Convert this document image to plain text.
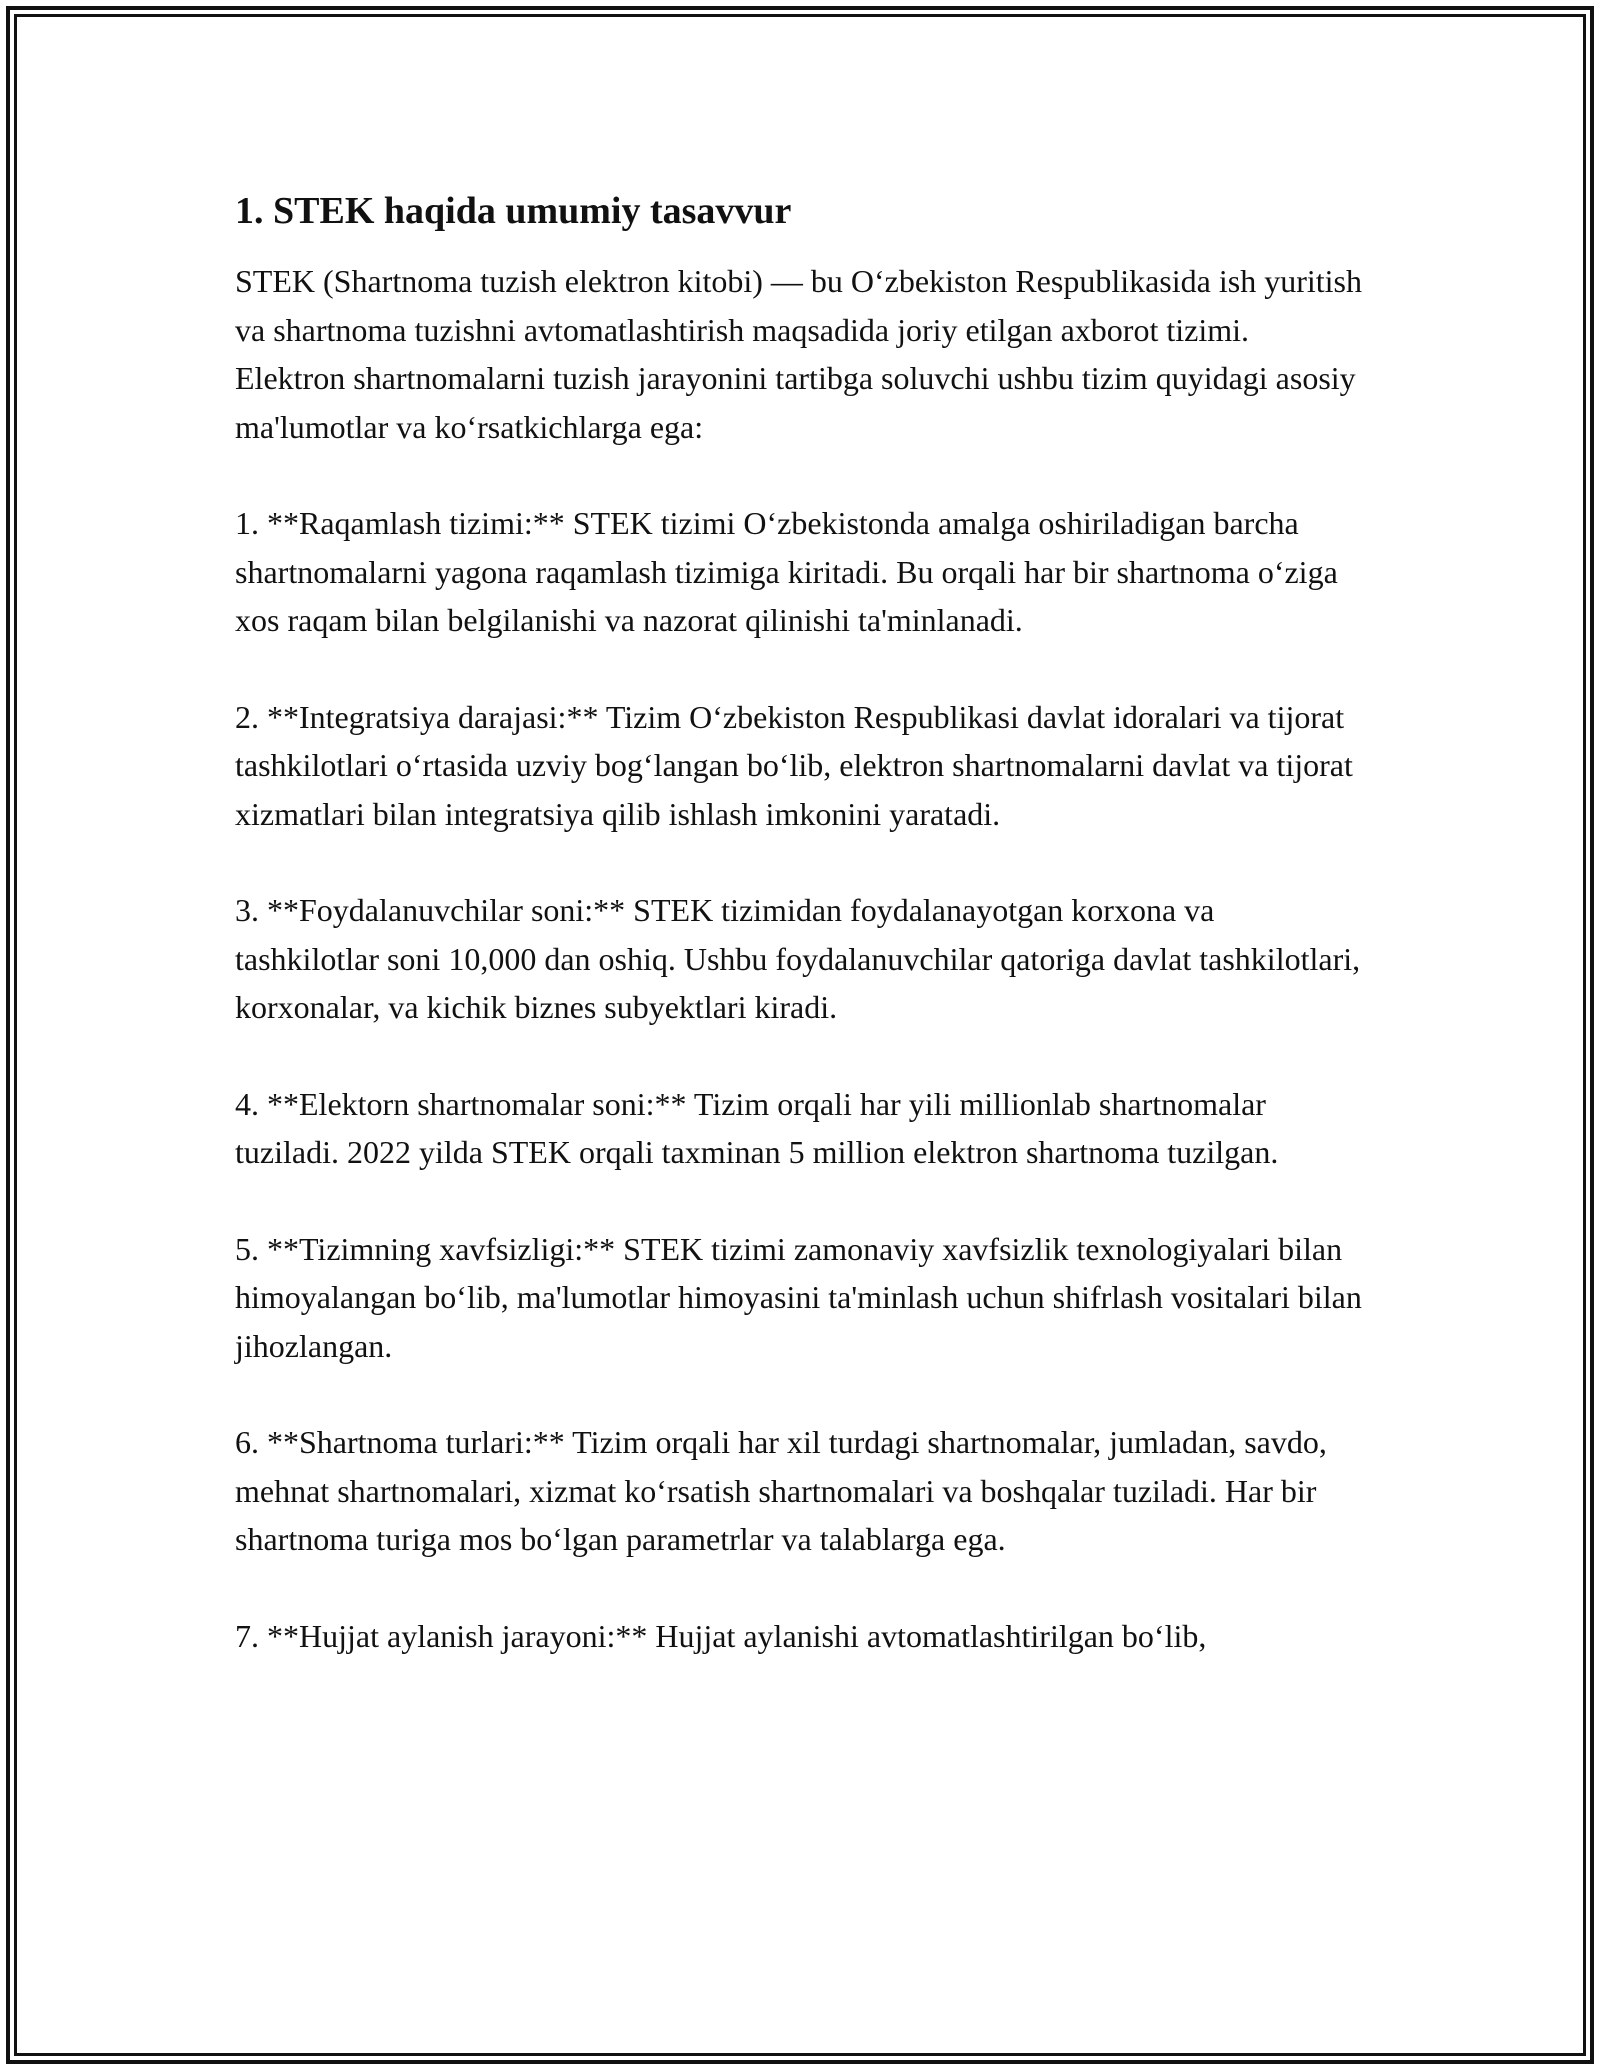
1. STEK haqida umumiy tasavvur
STEK (Shartnoma tuzish elektron kitobi) — bu O‘zbekiston Respublikasida ish yuritish va shartnoma tuzishni avtomatlashtirish maqsadida joriy etilgan axborot tizimi. Elektron shartnomalarni tuzish jarayonini tartibga soluvchi ushbu tizim quyidagi asosiy ma'lumotlar va ko‘rsatkichlarga ega:
1. **Raqamlash tizimi:** STEK tizimi O‘zbekistonda amalga oshiriladigan barcha shartnomalarni yagona raqamlash tizimiga kiritadi. Bu orqali har bir shartnoma o‘ziga xos raqam bilan belgilanishi va nazorat qilinishi ta'minlanadi.
2. **Integratsiya darajasi:** Tizim O‘zbekiston Respublikasi davlat idoralari va tijorat tashkilotlari o‘rtasida uzviy bog‘langan bo‘lib, elektron shartnomalarni davlat va tijorat xizmatlari bilan integratsiya qilib ishlash imkonini yaratadi.
3. **Foydalanuvchilar soni:** STEK tizimidan foydalanayotgan korxona va tashkilotlar soni 10,000 dan oshiq. Ushbu foydalanuvchilar qatoriga davlat tashkilotlari, korxonalar, va kichik biznes subyektlari kiradi.
4. **Elektorn shartnomalar soni:** Tizim orqali har yili millionlab shartnomalar tuziladi. 2022 yilda STEK orqali taxminan 5 million elektron shartnoma tuzilgan.
5. **Tizimning xavfsizligi:** STEK tizimi zamonaviy xavfsizlik texnologiyalari bilan himoyalangan bo‘lib, ma'lumotlar himoyasini ta'minlash uchun shifrlash vositalari bilan jihozlangan.
6. **Shartnoma turlari:** Tizim orqali har xil turdagi shartnomalar, jumladan, savdo, mehnat shartnomalari, xizmat ko‘rsatish shartnomalari va boshqalar tuziladi. Har bir shartnoma turiga mos bo‘lgan parametrlar va talablarga ega.
7. **Hujjat aylanish jarayoni:** Hujjat aylanishi avtomatlashtirilgan bo‘lib,
